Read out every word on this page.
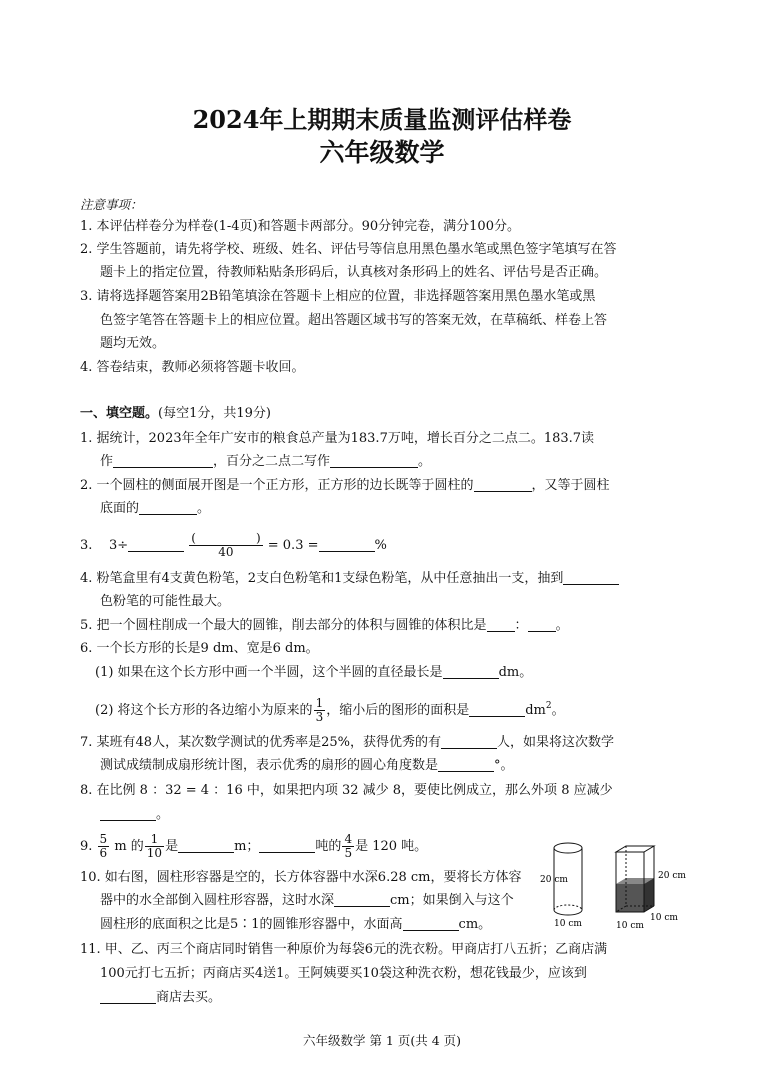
2024年上期期末质量监测评估样卷
六年级数学
注意事项：
1. 本评估样卷分为样卷(1-4页)和答题卡两部分。90分钟完卷，满分100分。
2. 学生答题前，请先将学校、班级、姓名、评估号等信息用黑色墨水笔或黑色签字笔填写在答
题卡上的指定位置，待教师粘贴条形码后，认真核对条形码上的姓名、评估号是否正确。
3. 请将选择题答案用2B铅笔填涂在答题卡上相应的位置，非选择题答案用黑色墨水笔或黑
色签字笔答在答题卡上的相应位置。超出答题区域书写的答案无效，在草稿纸、样卷上答
题均无效。
4. 答卷结束，教师必须将答题卡收回。
一、填空题。(每空1分，共19分)
1. 据统计，2023年全年广安市的粮食总产量为183.7万吨，增长百分之二点二。183.7读
作	，百分之二点二写作	。
2. 一个圆柱的侧面展开图是一个正方形，正方形的边长既等于圆柱的	，又等于圆柱
底面的	。
3. 3÷	(	)
40 = 0.3 =	%
4. 粉笔盒里有4支黄色粉笔，2支白色粉笔和1支绿色粉笔，从中任意抽出一支，抽到
色粉笔的可能性最大。
5. 把一个圆柱削成一个最大的圆锥，削去部分的体积与圆锥的体积比是 ： 。
6. 一个长方形的长是9 dm、宽是6 dm。
(1) 如果在这个长方形中画一个半圆，这个半圆的直径最长是	dm。
(2) 将这个长方形的各边缩小为原来的 $\frac{1}{3}$ ，缩小后的图形的面积是	$dm^2$。
7. 某班有48人，某次数学测试的优秀率是25%，获得优秀的有	人，如果将这次数学
测试成绩制成扇形统计图，表示优秀的扇形的圆心角度数是	°。
8. 在比例 8 ：32 = 4 ：16 中，如果把内项 32 减少 8，要使比例成立，那么外项 8 应减少
。
9. $\frac{5}{6}$ m 的 $\frac{1}{10}$ 是	m；	吨的 $\frac{4}{5}$ 是 120 吨。
10. 如右图，圆柱形容器是空的，长方体容器中水深6.28 cm，要将长方体容
器中的水全部倒入圆柱形容器，这时水深	cm；如果倒入与这个
圆柱形的底面积之比是5∶1的圆锥形容器中，水面高	cm。
20 cm
10 cm
20 cm
10 cm
10 cm
11. 甲、乙、丙三个商店同时销售一种原价为每袋6元的洗衣粉。甲商店打八五折；乙商店满
100元打七五折；丙商店买4送1。王阿姨要买10袋这种洗衣粉，想花钱最少，应该到
商店去买。
六年级数学 第 1 页(共 4 页)
